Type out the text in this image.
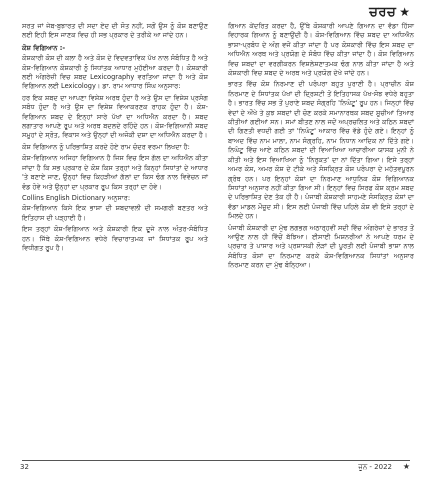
ਚਰਚ ★

ਸਰਤ ਜਾਂ ਜੇਬ-ਬੁਝਾਰਤ ਦੀ ਸਦਾ ਏਦ ਦੀ ਸੋਤ ਨਹੀਂ, ਸਗੋਂ ਉਸ ਨੂੰ ਕੋਸ਼ ਬਣਾਉਣ ਲਈ ਇਹੀ ਇਸ ਜਾਣਕ ਵਿਚ ਹੀ ਸਭ ਪ੍ਰਕਾਰ ਦੇ ਤਰੀਕੇ ਆ ਜਾਂਦੇ ਹਨ।

ਕੋਸ਼ ਵਿਗਿਆਨ :-

ਕੋਸ਼ਕਾਰੀ ਕੋਸ਼ ਦੀ ਕਲਾ ਹੈ ਅਤੇ ਕੋਸ਼ ਦੇ ਵਿਦਵਤਾਵਿਕ ਪੱਖ ਨਾਲ ਸੰਬੰਧਿਤ ਹੈ ਅਤੇ ਕੋਸ਼-ਵਿਗਿਆਨ ਕੋਸ਼ਕਾਰੀ ਨੂੰ ਸਿਧਾਂਤਕ ਆਧਾਰ ਮੁਹੱਈਆ ਕਰਦਾ ਹੈ। ਕੋਸ਼ਕਾਰੀ ਲਈ ਅੰਗਰੇਜ਼ੀ ਵਿਚ ਸ਼ਬਦ Lexicography ਵਰਤਿਆ ਜਾਂਦਾ ਹੈ ਅਤੇ ਕੋਸ਼ ਵਿਗਿਆਨ ਲਈ Lexicology। ਡਾ. ਰਾਮ ਆਧਾਰ ਸਿੰਘ ਅਨੁਸਾਰ:

ਹਰ ਇਕ ਸ਼ਬਦ ਦਾ ਆਪਣਾ ਵਿਸ਼ੇਸ਼ ਅਰਥ ਹੁੰਦਾ ਹੈ ਅਤੇ ਉਸ ਦਾ ਵਿਸ਼ੇਸ਼ ਪ੍ਰਸੰਗ ਸਬੰਧ ਹੁੰਦਾ ਹੈ ਅਤੇ ਉਸ ਦਾ ਵਿਸ਼ੇਸ਼ ਵਿਆਕਰਣਕ ਰਾਹਕ ਹੁੰਦਾ ਹੈ। ਕੋਸ਼-ਵਿਗਿਆਨ ਸ਼ਬਦ ਦੇ ਇਨ੍ਹਾਂ ਸਾਰੇ ਪੱਖਾਂ ਦਾ ਅਧਿਐਨ ਕਰਦਾ ਹੈ। ਸ਼ਬਦ ਲਗਾਤਾਰ ਆਪਣੇ ਰੂਪ ਅਤੇ ਅਰਥ ਬਦਲਦੇ ਰਹਿੰਦੇ ਹਨ। ਕੋਸ਼-ਵਿਗਿਆਨੀ ਸ਼ਬਦ ਸਮੂਹਾਂ ਦੇ ਸ੍ਰੋਤ, ਵਿਕਾਸ ਅਤੇ ਉਨ੍ਹਾਂ ਦੀ ਅਜੋਕੀ ਦਸ਼ਾ ਦਾ ਅਧਿਐਨ ਕਰਦਾ ਹੈ।

ਕੋਸ਼ ਵਿਗਿਆਨ ਨੂੰ ਪਰਿਭਾਸ਼ਿਤ ਕਰਦੇ ਹੋਏ ਰਾਮ ਚੰਦਰ ਵਰਮਾ ਲਿਖਦਾ ਹੈ:

ਕੋਸ਼-ਵਿਗਿਆਨ ਅਜਿਹਾ ਵਿਗਿਆਨ ਹੈ ਜਿਸ ਵਿਚ ਇਸ ਗੱਲ ਦਾ ਅਧਿਐਨ ਕੀਤਾ ਜਾਂਦਾ ਹੈ ਕਿ ਸਭ ਪ੍ਰਕਾਰ ਦੇ ਕੋਸ਼ ਕਿਸ ਤਰ੍ਹਾਂ ਅਤੇ ਕਿਨ੍ਹਾਂ ਸਿਧਾਂਤਾਂ ਦੇ ਆਧਾਰ 'ਤੇ ਬਣਾਏ ਜਾਣ, ਉਨ੍ਹਾਂ ਵਿਚ ਕਿਹੜੀਆਂ ਗੱਲਾਂ ਦਾ ਕਿਸ ਢੰਗ ਨਾਲ ਵਿਵੇਚਨ ਜਾਂ ਵੰਡ ਹੋਵੇ ਅਤੇ ਉਨ੍ਹਾਂ ਦਾ ਪ੍ਰਕਾਰ ਰੂਪ ਕਿਸ ਤਰ੍ਹਾਂ ਦਾ ਹੋਵੇ।

Collins English Dictionary ਅਨੁਸਾਰ:

ਕੋਸ਼-ਵਿਗਿਆਨ ਕਿਸੇ ਇਕ ਭਾਸ਼ਾ ਦੀ ਸ਼ਬਦਾਵਲੀ ਦੀ ਸਮਗਰੀ ਬਣਤਰ ਅਤੇ ਇਤਿਹਾਸ ਦੀ ਪੜ੍ਹਾਈ ਹੈ।

ਇਸ ਤਰ੍ਹਾਂ ਕੋਸ਼-ਵਿਗਿਆਨ ਅਤੇ ਕੋਸ਼ਕਾਰੀ ਇਕ ਦੂਜੇ ਨਾਲ ਅੰਤਰ-ਸੰਬੰਧਿਤ ਹਨ। ਜਿੱਥੇ ਕੋਸ਼-ਵਿਗਿਆਨ ਵਧੇਰੇ ਵਿਚਾਰਾਤਮਕ ਜਾਂ ਸਿਧਾਂਤਕ ਰੂਪ ਅਤੇ ਵਿਧੀਗਤ ਰੂਪ ਹੈ।

ਗਿਆਨ ਕੇਂਦਰਿਤ ਕਰਦਾ ਹੈ, ਉੱਥੇ ਕੋਸ਼ਕਾਰੀ ਆਪਣੇ ਗਿਆਨ ਦਾ ਵੱਡਾ ਹਿੱਸਾ ਵਿਹਾਰਕ ਗਿਆਨ ਨੂੰ ਬਣਾਉਂਦੀ ਹੈ। ਕੋਸ਼-ਵਿਗਿਆਨ ਵਿੱਚ ਸ਼ਬਦ ਦਾ ਅਧਿਐਨ ਭਾਸ਼ਾ-ਪ੍ਰਬੰਧ ਦੇ ਅੰਗ ਵਜੋਂ ਕੀਤਾ ਜਾਂਦਾ ਹੈ ਪਰ ਕੋਸ਼ਕਾਰੀ ਵਿੱਚ ਇਸ ਸ਼ਬਦ ਦਾ ਅਧਿਐਨ ਅਰਥ ਅਤੇ ਪ੍ਰਯੋਗ ਦੇ ਸੰਬੰਧ ਵਿੱਚ ਕੀਤਾ ਜਾਂਦਾ ਹੈ। ਕੋਸ਼ ਵਿਗਿਆਨ ਵਿਚ ਸ਼ਬਦਾਂ ਦਾ ਵਰਗੀਕਰਨ ਵਿਸ਼ਲੇਸ਼ਣਾਤਮਕ ਢੰਗ ਨਾਲ ਕੀਤਾ ਜਾਂਦਾ ਹੈ ਅਤੇ ਕੋਸ਼ਕਾਰੀ ਵਿਚ ਸ਼ਬਦ ਦੇ ਅਰਥ ਅਤੇ ਪ੍ਰਯੋਗ ਦੇਖੇ ਜਾਂਦੇ ਹਨ।

ਭਾਰਤ ਵਿੱਚ ਕੋਸ਼ ਨਿਰਮਾਣ ਦੀ ਪਰੰਪਰਾ ਬਹੁਤ ਪੁਰਾਣੀ ਹੈ। ਪ੍ਰਾਚੀਨ ਕੋਸ਼ ਨਿਰਮਾਣ ਦੇ ਸਿਧਾਂਤਕ ਪੱਖਾਂ ਦੀ ਦ੍ਰਿਸ਼ਟੀ ਤੋਂ ਇਤਿਹਾਸਕ ਪੱਖ-ਸੋਝ ਵਧੇਰੇ ਬਹੁਤਾ ਹੈ। ਭਾਰਤ ਵਿੱਚ ਸਭ ਤੋਂ ਪੁਰਾਣੇ ਸ਼ਬਦ ਸੰਗ੍ਰਹਿ 'ਨਿਘੰਟੂ' ਰੂਪ ਹਨ। ਜਿਨ੍ਹਾਂ ਵਿੱਚ ਵੇਦਾਂ ਦੇ ਔਖੇ ਤੇ ਕੁਝ ਸ਼ਬਦਾਂ ਦੀ ਚੋਣ ਕਰਕੇ ਸਮਾਨਾਰਥਕ ਸ਼ਬਦ ਸੂਚੀਆਂ ਤਿਆਰ ਕੀਤੀਆਂ ਗਈਆਂ ਸਨ। ਸਮਾਂ ਬੀਤਣ ਨਾਲ ਜਦੋਂ ਅਪ੍ਰਚਲਿਤ ਅਤੇ ਕਠਿਨ ਸ਼ਬਦਾਂ ਦੀ ਗਿਣਤੀ ਵਧਦੀ ਗਈ ਤਾਂ 'ਨਿਘੰਟੂ' ਆਕਾਰ ਵਿੱਚ ਵੱਡੇ ਹੁੰਦੇ ਗਏ। ਇਨ੍ਹਾਂ ਨੂੰ ਬਾਅਦ ਵਿੱਚ ਨਾਮ ਮਾਲਾ, ਨਾਮ ਸੰਗ੍ਰਹਿ, ਨਾਮ ਨਿਧਾਨ ਆਦਿਕ ਨਾਂ ਦਿੱਤੇ ਗਏ। ਨਿਘੰਟੂ ਵਿੱਚ ਆਏ ਕਠਿਨ ਸ਼ਬਦਾਂ ਦੀ ਵਿਆਖਿਆ ਆਚਾਰੀਆ ਯਾਸਕ ਮੁਨੀ ਨੇ ਕੀਤੀ ਅਤੇ ਇਸ ਵਿਆਖਿਆ ਨੂੰ 'ਨਿਰੁਕਤ' ਦਾ ਨਾਂ ਦਿੱਤਾ ਗਿਆ। ਇਸੇ ਤਰ੍ਹਾਂ ਅਮਰ ਕੋਸ਼, ਅਮਰ ਕੋਸ਼ ਦੇ ਟੀਕੇ ਅਤੇ ਸੰਸਕ੍ਰਿਤ ਕੋਸ਼ ਪਰੰਪਰਾ ਦੇ ਮਹੱਤਵਪੂਰਨ ਗ੍ਰੰਥ ਹਨ। ਪਰ ਇਨ੍ਹਾਂ ਕੋਸ਼ਾਂ ਦਾ ਨਿਰਮਾਣ ਆਧੁਨਿਕ ਕੋਸ਼ ਵਿਗਿਆਨਕ ਸਿਧਾਂਤਾਂ ਅਨੁਸਾਰ ਨਹੀਂ ਕੀਤਾ ਗਿਆ ਸੀ। ਇਨ੍ਹਾਂ ਵਿਚ ਸਿਰਫ ਕੋਸ਼ ਕ੍ਰਮ ਸ਼ਬਦ ਦੇ ਪਰਿਭਾਸ਼ਿਤ ਦੇਣ ਤੱਕ ਹੀ ਹੈ। ਪੰਜਾਬੀ ਕੋਸ਼ਕਾਰੀ ਸਾਹਮਣੇ ਸੰਸਕ੍ਰਿਤ ਕੋਸ਼ਾਂ ਦਾ ਵੱਡਾ ਮਾਡਲ ਮੌਜੂਦ ਸੀ। ਇਸ ਲਈ ਪੰਜਾਬੀ ਵਿੱਚ ਪਹਿਲੇ ਕੋਸ਼ ਵੀ ਇਸੇ ਤਰ੍ਹਾਂ ਦੇ ਮਿਲਦੇ ਹਨ।

ਪੰਜਾਬੀ ਕੋਸ਼ਕਾਰੀ ਦਾ ਮੁੱਢ ਲਗਭਗ ਅਠਾਰ੍ਹਵੀਂ ਸਦੀ ਵਿੱਚ ਅੰਗਰੇਜ਼ਾਂ ਦੇ ਭਾਰਤ ਤੋਂ ਆਉਣ ਨਾਲ ਹੀ ਵਿੱਚੋਂ ਬੱਝਿਆ। ਈਸਾਈ ਮਿਸ਼ਨਰੀਆਂ ਨੇ ਆਪਣੇ ਧਰਮ ਦੇ ਪ੍ਰਚਾਰ ਤੇ ਪਾਸਾਰ ਅਤੇ ਪ੍ਰਸ਼ਾਸਕੀ ਲੋੜਾਂ ਦੀ ਪੂਰਤੀ ਲਈ ਪੰਜਾਬੀ ਭਾਸ਼ਾ ਨਾਲ ਸੰਬੰਧਿਤ ਕੋਸ਼ਾਂ ਦਾ ਨਿਰਮਾਣ ਕਰਕੇ ਕੋਸ਼-ਵਿਗਿਆਨਕ ਸਿਧਾਂਤਾਂ ਅਨੁਸਾਰ ਨਿਰਮਾਣ ਕਰਨ ਦਾ ਮੁੱਢ ਬੰਨ੍ਹਿਆ।

32	ਜੂਨ - 2022 ★
